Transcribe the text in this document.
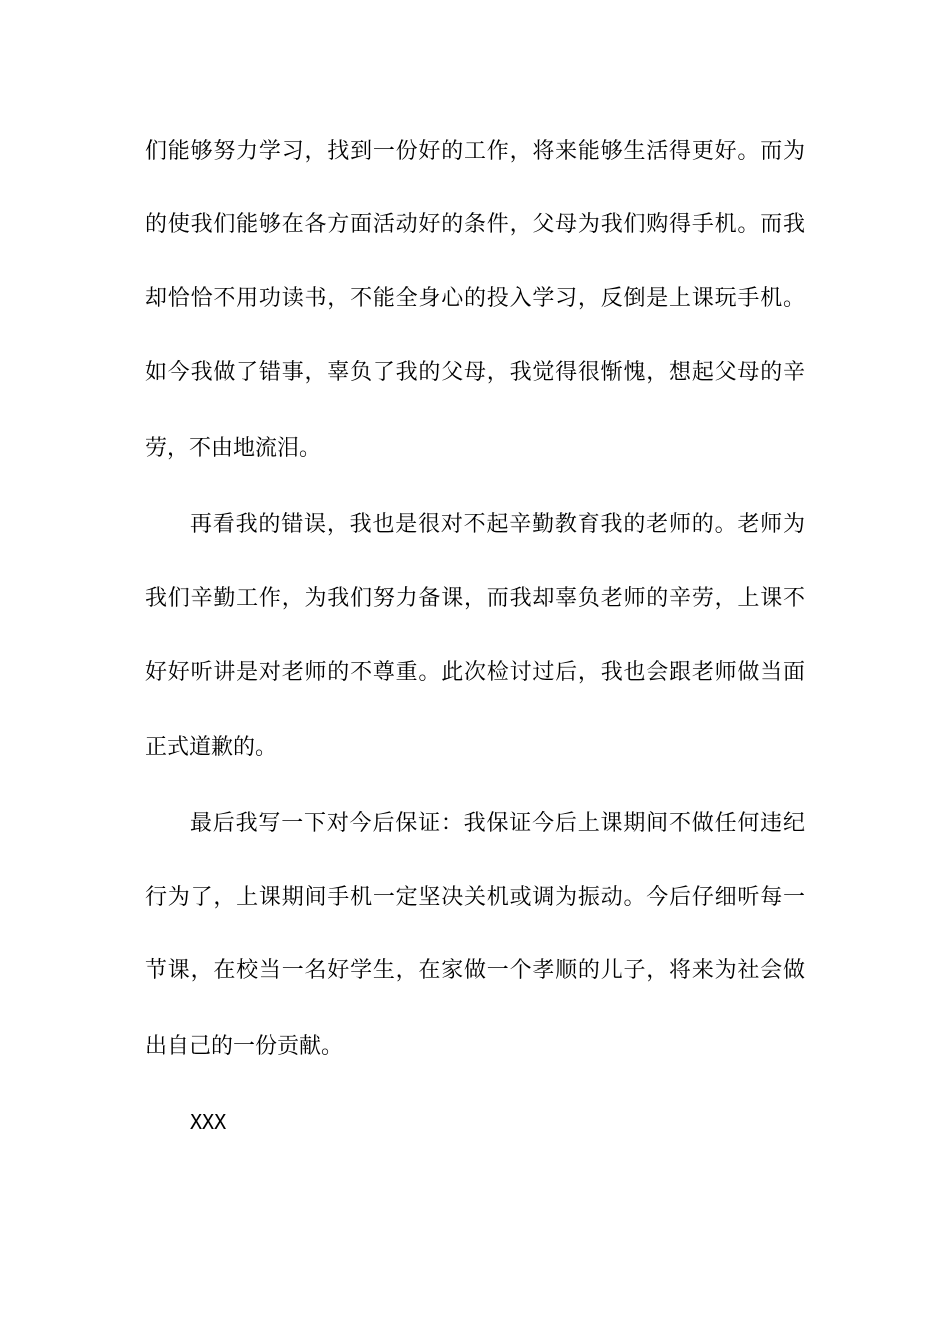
们能够努力学习，找到一份好的工作，将来能够生活得更好。而为
的使我们能够在各方面活动好的条件，父母为我们购得手机。而我
却恰恰不用功读书，不能全身心的投入学习，反倒是上课玩手机。
如今我做了错事，辜负了我的父母，我觉得很惭愧，想起父母的辛
劳，不由地流泪。
再看我的错误，我也是很对不起辛勤教育我的老师的。老师为
我们辛勤工作，为我们努力备课，而我却辜负老师的辛劳，上课不
好好听讲是对老师的不尊重。此次检讨过后，我也会跟老师做当面
正式道歉的。
最后我写一下对今后保证：我保证今后上课期间不做任何违纪
行为了，上课期间手机一定坚决关机或调为振动。今后仔细听每一
节课，在校当一名好学生，在家做一个孝顺的儿子，将来为社会做
出自己的一份贡献。
XXX
